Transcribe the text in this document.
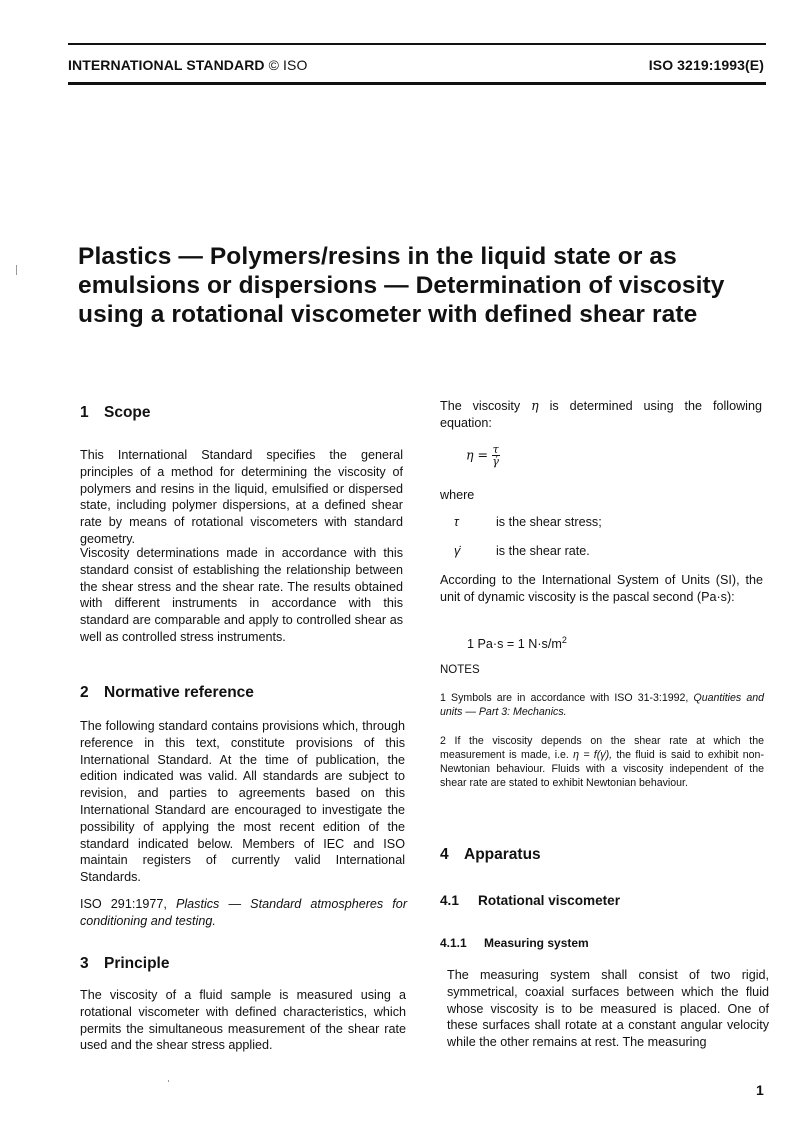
INTERNATIONAL STANDARD © ISO	ISO 3219:1993(E)
Plastics — Polymers/resins in the liquid state or as
emulsions or dispersions — Determination of viscosity
using a rotational viscometer with defined shear rate
1 Scope

This International Standard specifies the general principles of a method for determining the viscosity of polymers and resins in the liquid, emulsified or dispersed state, including polymer dispersions, at a defined shear rate by means of rotational viscometers with standard geometry.

Viscosity determinations made in accordance with this standard consist of establishing the relationship between the shear stress and the shear rate. The results obtained with different instruments in accordance with this standard are comparable and apply to controlled shear as well as controlled stress instruments.

2 Normative reference

The following standard contains provisions which, through reference in this text, constitute provisions of this International Standard. At the time of publication, the edition indicated was valid. All standards are subject to revision, and parties to agreements based on this International Standard are encouraged to investigate the possibility of applying the most recent edition of the standard indicated below. Members of IEC and ISO maintain registers of currently valid International Standards.

ISO 291:1977, Plastics — Standard atmospheres for conditioning and testing.

3 Principle

The viscosity of a fluid sample is measured using a rotational viscometer with defined characteristics, which permits the simultaneous measurement of the shear rate used and the shear stress applied.

The viscosity η is determined using the following equation:

$\eta = \frac{\tau}{\gammȧ}$

where

τ	is the shear stress;

γ̇	is the shear rate.

According to the International System of Units (SI), the unit of dynamic viscosity is the pascal second (Pa·s):

1 Pa·s = 1 $N\cdot s/m^2$

NOTES

1 Symbols are in accordance with ISO 31-3:1992, Quantities and units — Part 3: Mechanics.

2 If the viscosity depends on the shear rate at which the measurement is made, i.e. η = f(γ̇), the fluid is said to exhibit non-Newtonian behaviour. Fluids with a viscosity independent of the shear rate are stated to exhibit Newtonian behaviour.

4 Apparatus
4.1 Rotational viscometer
4.1.1 Measuring system

The measuring system shall consist of two rigid, symmetrical, coaxial surfaces between which the fluid whose viscosity is to be measured is placed. One of these surfaces shall rotate at a constant angular velocity while the other remains at rest. The measuring

1
